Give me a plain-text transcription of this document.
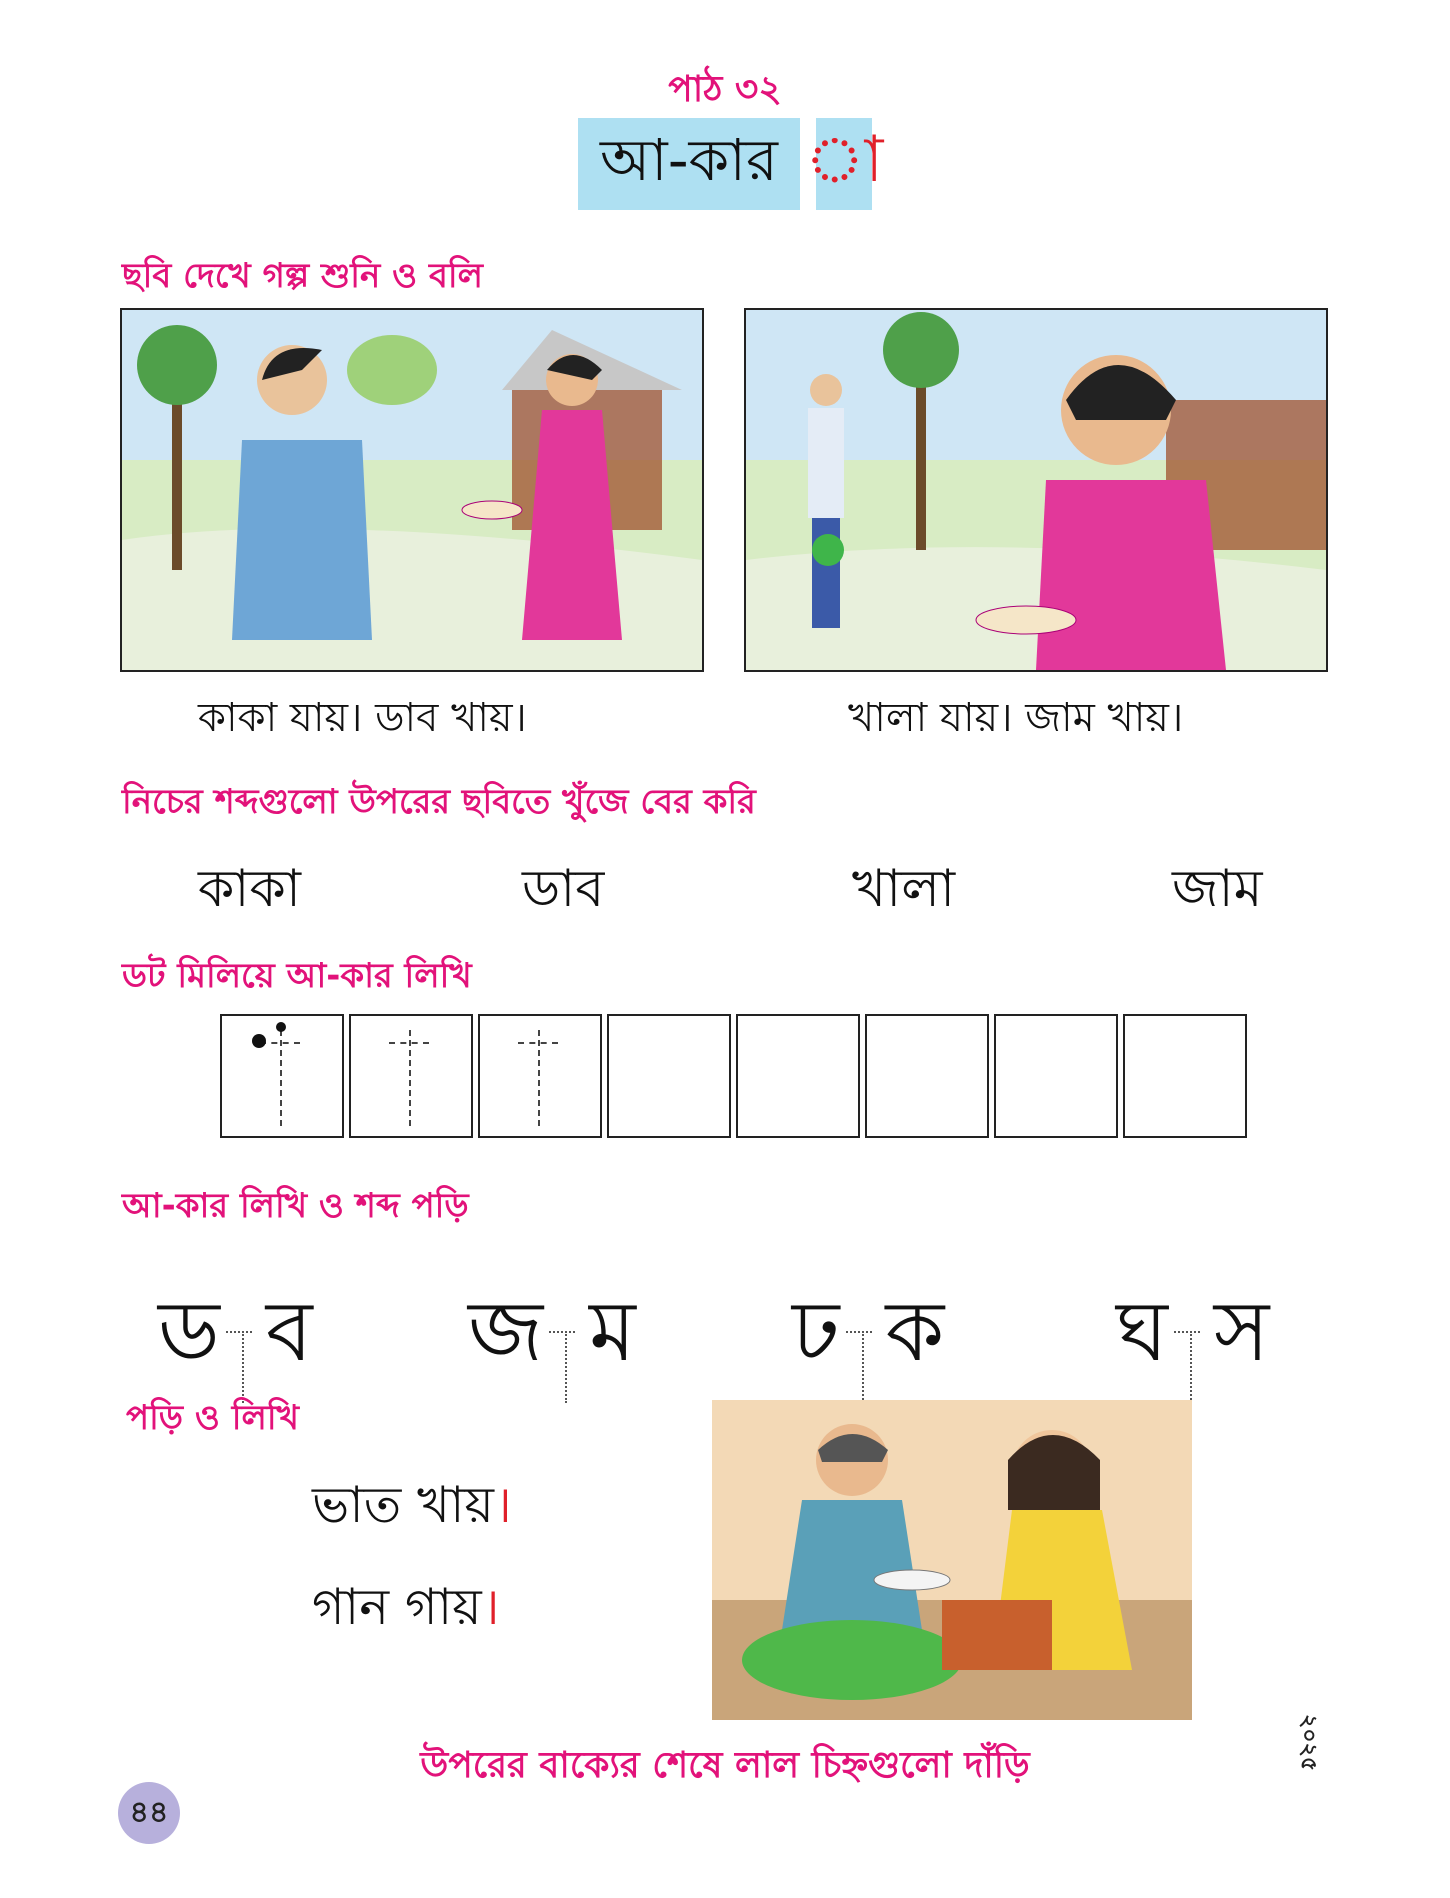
পাঠ ৩২
আ-কার া
ছবি দেখে গল্প শুনি ও বলি
কাকা যায়। ডাব খায়।	খালা যায়। জাম খায়।
নিচের শব্দগুলো উপরের ছবিতে খুঁজে বের করি
কাকা	ডাব	খালা	জাম
ডট মিলিয়ে আ-কার লিখি
আ-কার লিখি ও শব্দ পড়ি
ড ব জ ম ঢ ক ঘ স
পড়ি ও লিখি
ভাত খায়।
গান গায়।
উপরের বাক্যের শেষে লাল চিহ্নগুলো দাঁড়ি
৪৪
২০২৫
